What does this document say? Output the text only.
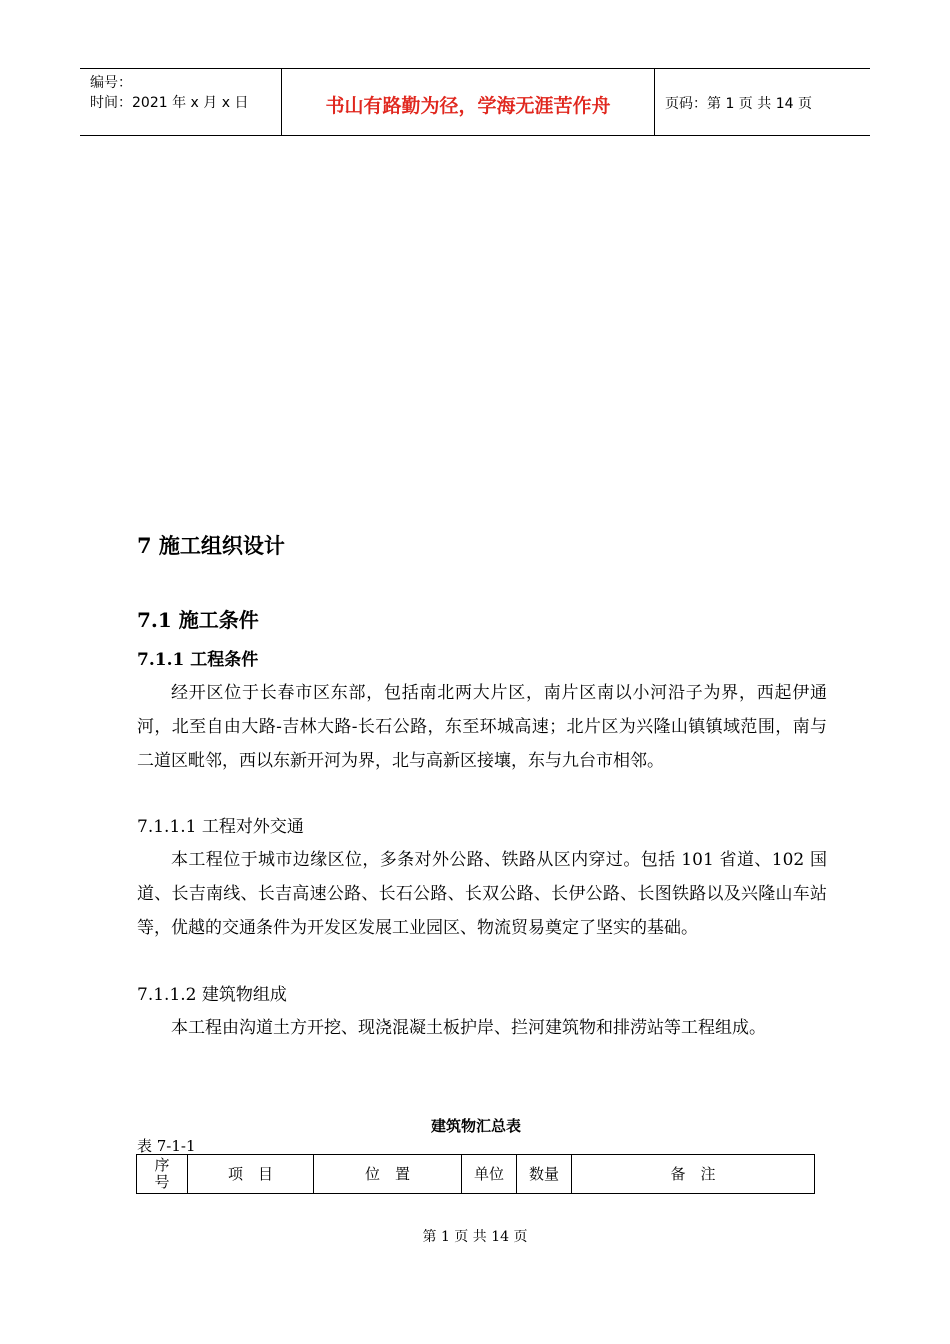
编号：
时间：2021 年 x 月 x 日	书山有路勤为径，学海无涯苦作舟	页码：第 1 页 共 14 页
7 施工组织设计
7.1 施工条件
7.1.1 工程条件
经开区位于长春市区东部，包括南北两大片区，南片区南以小河沿子为界，西起伊通河，北至自由大路-吉林大路-长石公路，东至环城高速；北片区为兴隆山镇镇域范围，南与二道区毗邻，西以东新开河为界，北与高新区接壤，东与九台市相邻。
7.1.1.1 工程对外交通
本工程位于城市边缘区位，多条对外公路、铁路从区内穿过。包括 101 省道、102 国道、长吉南线、长吉高速公路、长石公路、长双公路、长伊公路、长图铁路以及兴隆山车站等，优越的交通条件为开发区发展工业园区、物流贸易奠定了坚实的基础。
7.1.1.2 建筑物组成
本工程由沟道土方开挖、现浇混凝土板护岸、拦河建筑物和排涝站等工程组成。
建筑物汇总表
表 7-1-1
序号	项　目	位　置	单位	数量	备　注
第 1 页 共 14 页
